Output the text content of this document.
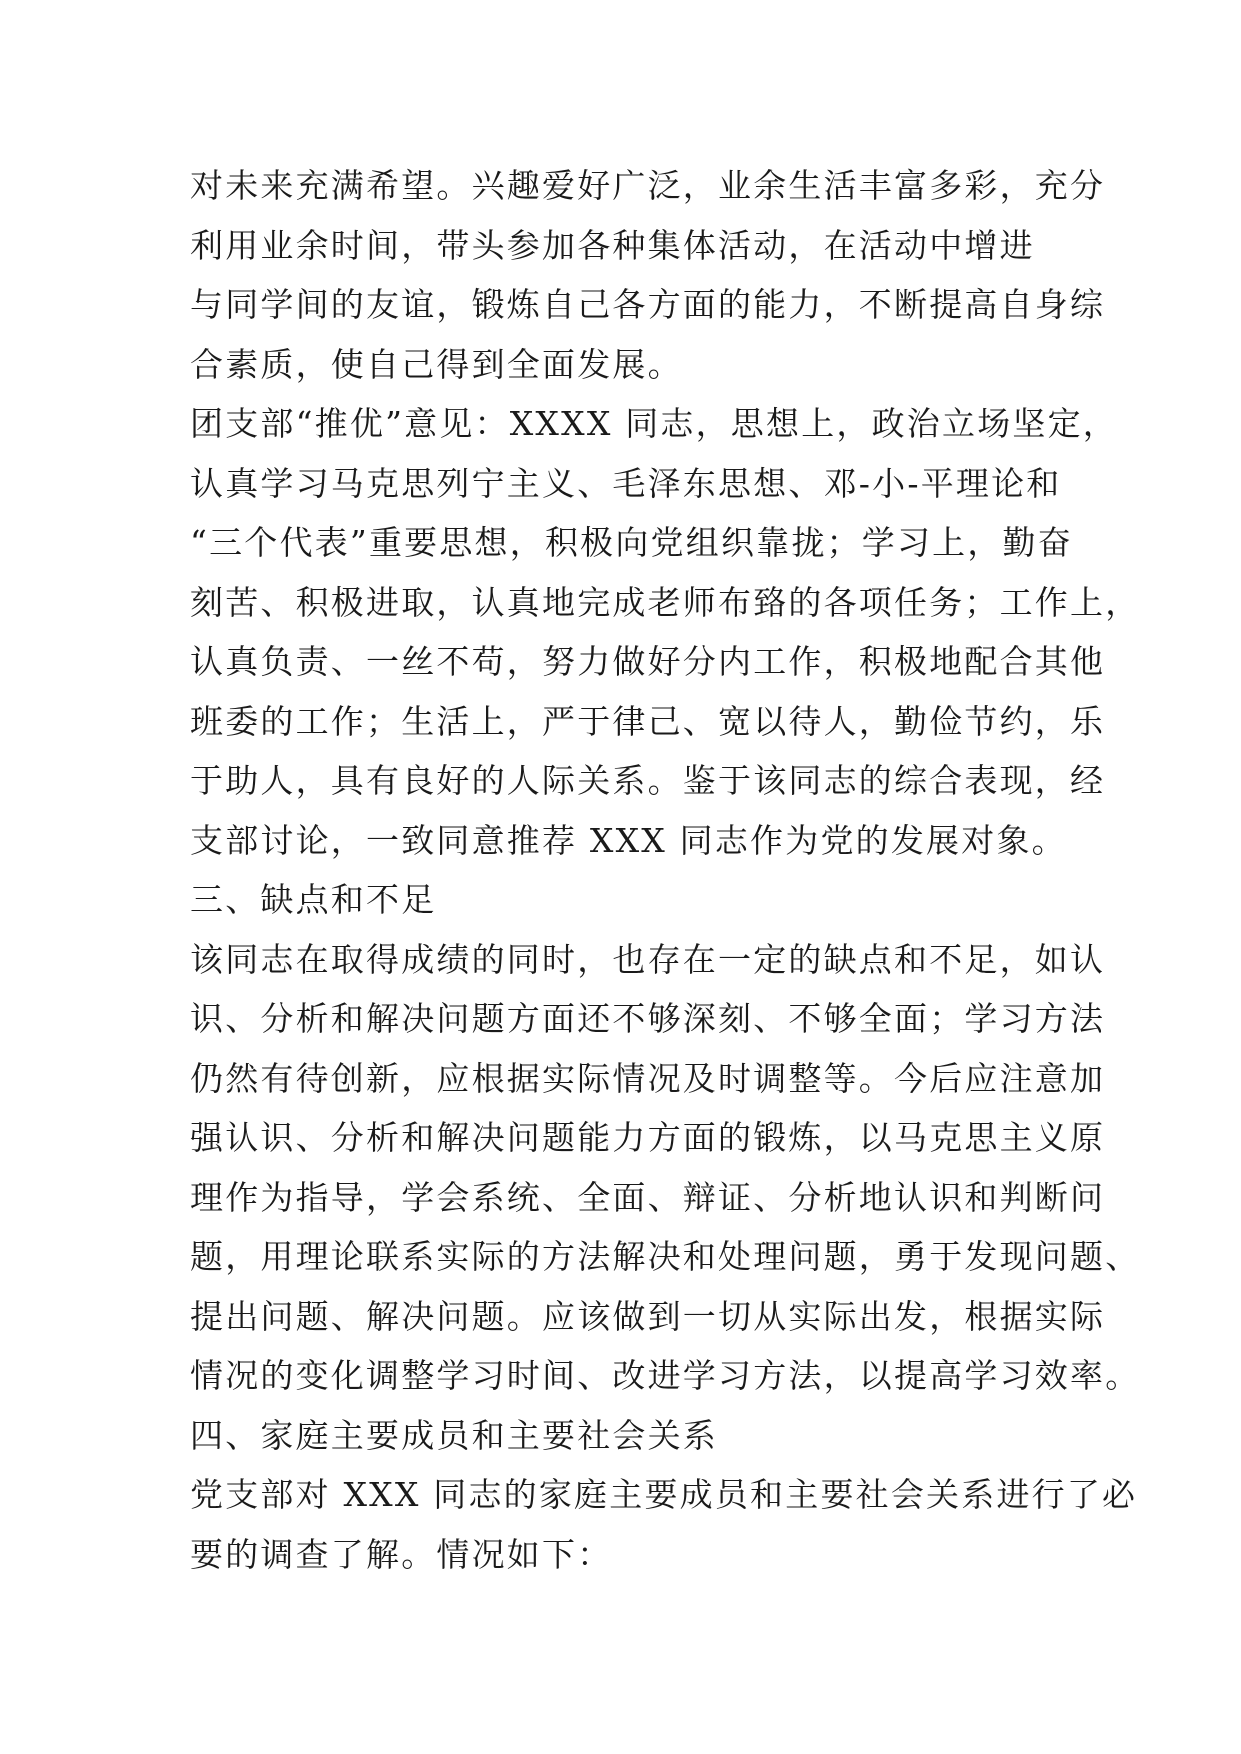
对未来充满希望。兴趣爱好广泛，业余生活丰富多彩，充分
利用业余时间，带头参加各种集体活动，在活动中增进
与同学间的友谊，锻炼自己各方面的能力，不断提高自身综
合素质，使自己得到全面发展。
团支部“推优”意见：XXXX 同志，思想上，政治立场坚定，
认真学习马克思列宁主义、毛泽东思想、邓-小-平理论和
“三个代表”重要思想，积极向党组织靠拢；学习上，勤奋
刻苦、积极进取，认真地完成老师布臵的各项任务；工作上，
认真负责、一丝不苟，努力做好分内工作，积极地配合其他
班委的工作；生活上，严于律己、宽以待人，勤俭节约，乐
于助人，具有良好的人际关系。鉴于该同志的综合表现，经
支部讨论，一致同意推荐 XXX 同志作为党的发展对象。
三、缺点和不足
该同志在取得成绩的同时，也存在一定的缺点和不足，如认
识、分析和解决问题方面还不够深刻、不够全面；学习方法
仍然有待创新，应根据实际情况及时调整等。今后应注意加
强认识、分析和解决问题能力方面的锻炼，以马克思主义原
理作为指导，学会系统、全面、辩证、分析地认识和判断问
题，用理论联系实际的方法解决和处理问题，勇于发现问题、
提出问题、解决问题。应该做到一切从实际出发，根据实际
情况的变化调整学习时间、改进学习方法，以提高学习效率。
四、家庭主要成员和主要社会关系
党支部对 XXX 同志的家庭主要成员和主要社会关系进行了必
要的调查了解。情况如下：
